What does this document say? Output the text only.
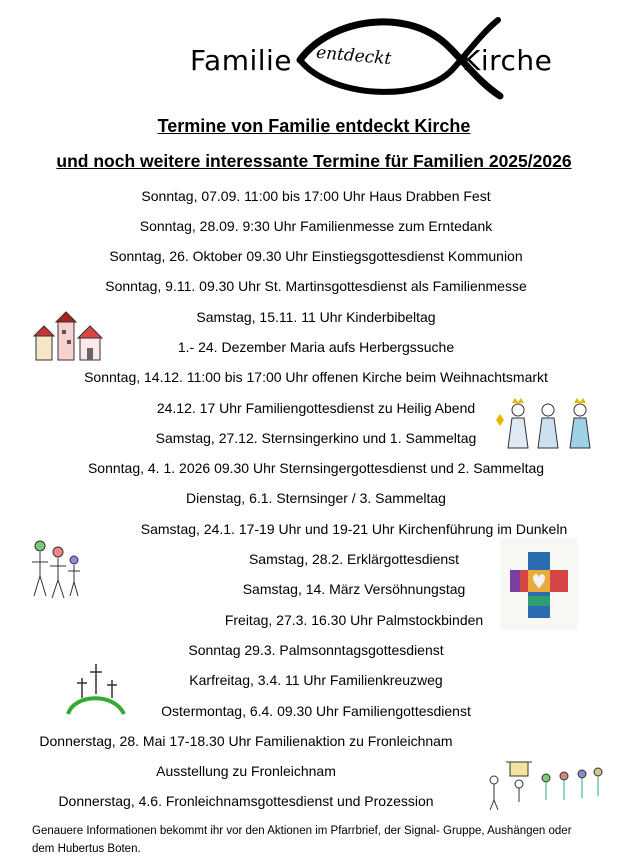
Familie entdeckt Kirche
Termine von Familie entdeckt Kirche
und noch weitere interessante Termine für Familien 2025/2026
Sonntag, 07.09. 11:00 bis 17:00 Uhr Haus Drabben Fest
Sonntag, 28.09. 9:30 Uhr Familienmesse zum Erntedank
Sonntag, 26. Oktober 09.30 Uhr Einstiegsgottesdienst Kommunion
Sonntag, 9.11. 09.30 Uhr St. Martinsgottesdienst als Familienmesse
Samstag, 15.11. 11 Uhr Kinderbibeltag
1.- 24. Dezember Maria aufs Herbergssuche
Sonntag, 14.12. 11:00 bis 17:00 Uhr offenen Kirche beim Weihnachtsmarkt
24.12. 17 Uhr Familiengottesdienst zu Heilig Abend
Samstag, 27.12. Sternsingerkino und 1. Sammeltag
Sonntag, 4. 1. 2026 09.30 Uhr Sternsingergottesdienst und 2. Sammeltag
Dienstag, 6.1. Sternsinger / 3. Sammeltag
Samstag, 24.1. 17-19 Uhr und 19-21 Uhr Kirchenführung im Dunkeln
Samstag, 28.2. Erklärgottesdienst
Samstag, 14. März Versöhnungstag
Freitag, 27.3. 16.30 Uhr Palmstockbinden
Sonntag 29.3. Palmsonntagsgottesdienst
Karfreitag, 3.4. 11 Uhr Familienkreuzweg
Ostermontag, 6.4. 09.30 Uhr Familiengottesdienst
Donnerstag, 28. Mai 17-18.30 Uhr Familienaktion zu Fronleichnam
Ausstellung zu Fronleichnam
Donnerstag, 4.6. Fronleichnamsgottesdienst und Prozession
Genauere Informationen bekommt ihr vor den Aktionen im Pfarrbrief, der Signal- Gruppe, Aushängen oder dem Hubertus Boten.
